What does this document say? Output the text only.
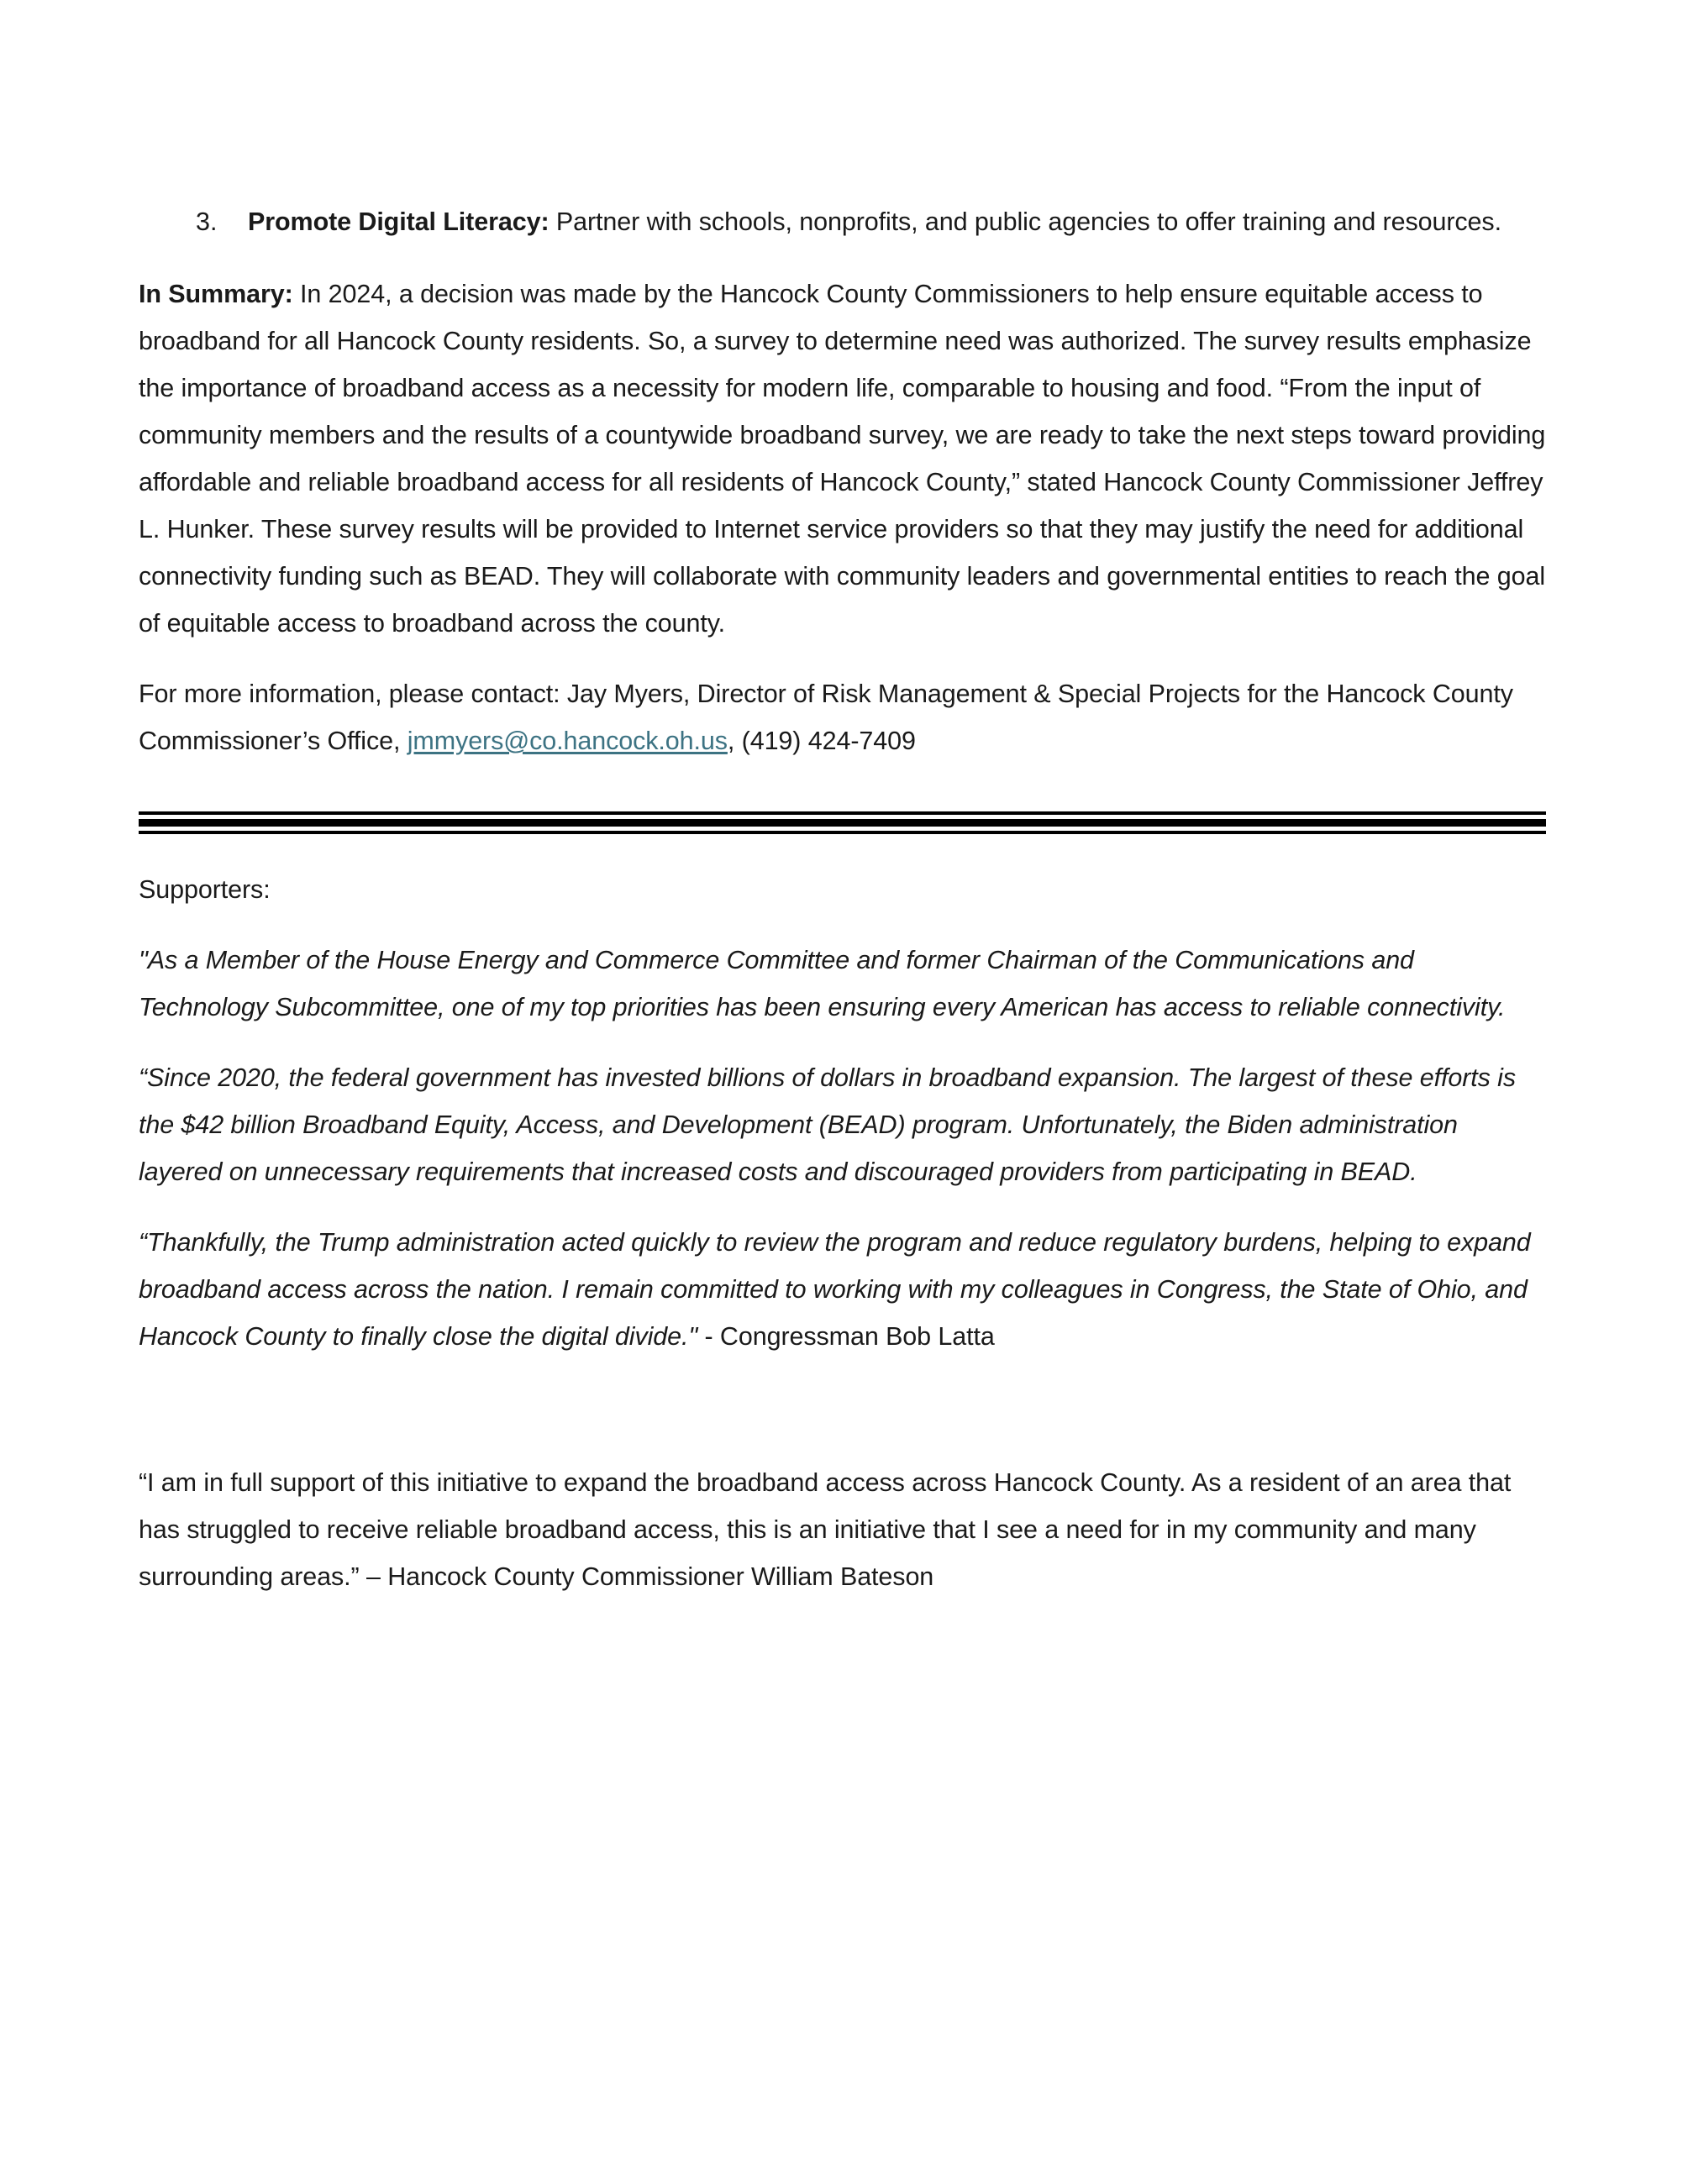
3. Promote Digital Literacy: Partner with schools, nonprofits, and public agencies to offer training and resources.

In Summary: In 2024, a decision was made by the Hancock County Commissioners to help ensure equitable access to broadband for all Hancock County residents. So, a survey to determine need was authorized. The survey results emphasize the importance of broadband access as a necessity for modern life, comparable to housing and food. “From the input of community members and the results of a countywide broadband survey, we are ready to take the next steps toward providing affordable and reliable broadband access for all residents of Hancock County,” stated Hancock County Commissioner Jeffrey L. Hunker. These survey results will be provided to Internet service providers so that they may justify the need for additional connectivity funding such as BEAD. They will collaborate with community leaders and governmental entities to reach the goal of equitable access to broadband across the county.

For more information, please contact: Jay Myers, Director of Risk Management & Special Projects for the Hancock County Commissioner’s Office, jmmyers@co.hancock.oh.us, (419) 424-7409

Supporters:

"As a Member of the House Energy and Commerce Committee and former Chairman of the Communications and Technology Subcommittee, one of my top priorities has been ensuring every American has access to reliable connectivity.

“Since 2020, the federal government has invested billions of dollars in broadband expansion. The largest of these efforts is the $42 billion Broadband Equity, Access, and Development (BEAD) program. Unfortunately, the Biden administration layered on unnecessary requirements that increased costs and discouraged providers from participating in BEAD.

“Thankfully, the Trump administration acted quickly to review the program and reduce regulatory burdens, helping to expand broadband access across the nation. I remain committed to working with my colleagues in Congress, the State of Ohio, and Hancock County to finally close the digital divide." - Congressman Bob Latta

“I am in full support of this initiative to expand the broadband access across Hancock County. As a resident of an area that has struggled to receive reliable broadband access, this is an initiative that I see a need for in my community and many surrounding areas.” – Hancock County Commissioner William Bateson
